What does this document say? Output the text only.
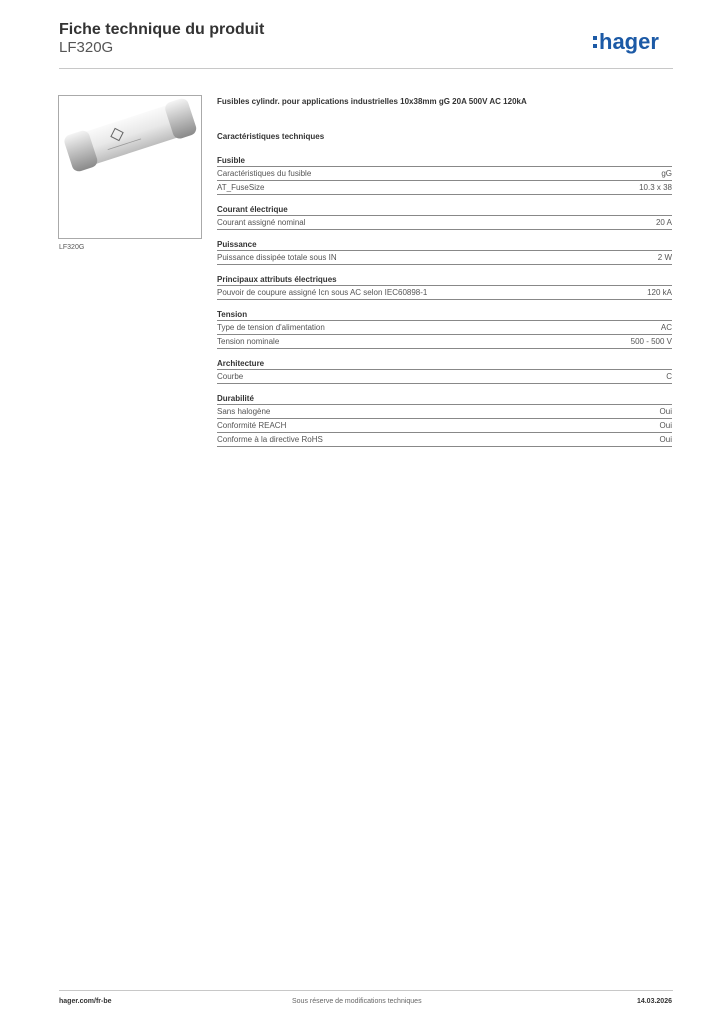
Fiche technique du produit
LF320G	hager
LF320G
Fusibles cylindr. pour applications industrielles 10x38mm gG 20A 500V AC 120kA
Caractéristiques techniques
Fusible
Caractéristiques du fusible	gG
AT_FuseSize	10.3 x 38
Courant électrique
Courant assigné nominal	20 A
Puissance
Puissance dissipée totale sous IN	2 W
Principaux attributs électriques
Pouvoir de coupure assigné Icn sous AC selon IEC60898-1	120 kA
Tension
Type de tension d'alimentation	AC
Tension nominale	500 - 500 V
Architecture
Courbe	C
Durabilité
Sans halogène	Oui
Conformité REACH	Oui
Conforme à la directive RoHS	Oui
hager.com/fr-be	Sous réserve de modifications techniques	14.03.2026
